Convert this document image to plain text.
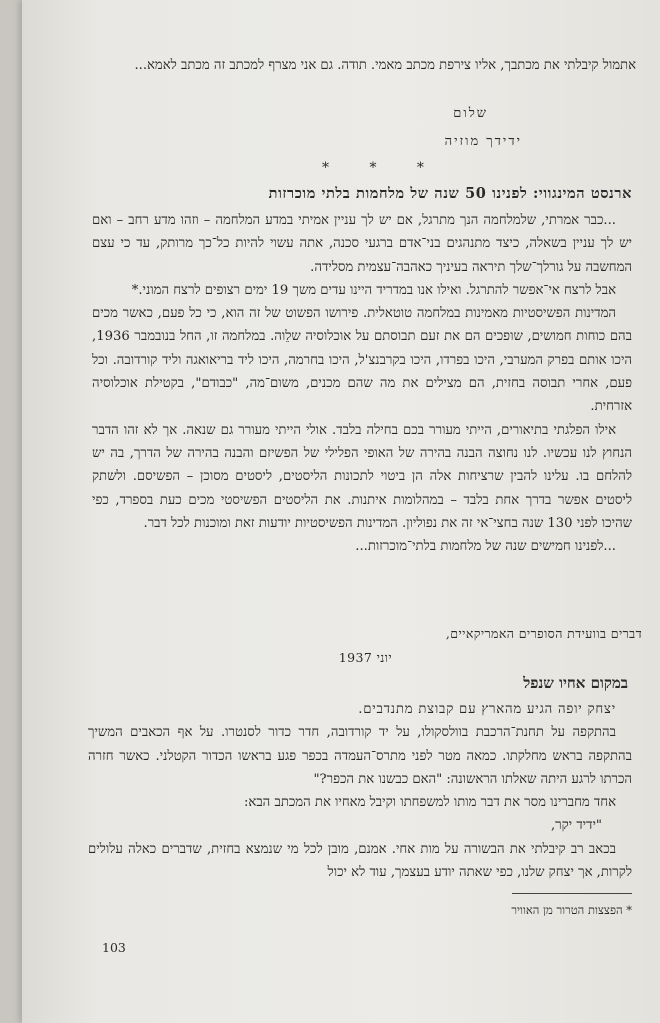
אתמול קיבלתי את מכתבך, אליו צירפת מכתב מאמי. תודה. גם אני מצרף למכתב זה מכתב לאמא...

שלום
ידידך מוזיה
* * *
ארנסט המינגווי: לפנינו 50 שנה של מלחמות בלתי מוכרזות

...כבר אמרתי, שלמלחמה הנך מתרגל, אם יש לך עניין אמיתי במדע המלחמה – וזהו מדע רחב – ואם יש לך עניין בשאלה, כיצד מתנהגים בני־אדם ברגעי סכנה, אתה עשוי להיות כל־כך מרותק, עד כי עצם המחשבה על גורלך־שלך תיראה בעיניך כאהבה־עצמית מסלידה.

אבל לרצח אי־אפשר להתרגל. ואילו אנו במדריד היינו עדים משך 19 ימים רצופים לרצח המוני.*

המדינות הפשיסטיות מאמינות במלחמה טוטאלית. פירושו הפשוט של זה הוא, כי כל פעם, כאשר מכים בהם כוחות חמושים, שופכים הם את זעם תבוסתם על אוכלוסיה שלֵוה. במלחמה זו, החל בנובמבר 1936, היכו אותם בפרק המערבי, היכו בפרדו, היכו בקרבנצ'ל, היכו בחרמה, היכו ליד בריאואגה וליד קורדובה. וכל פעם, אחרי תבוסה בחזית, הם מצילים את מה שהם מכנים, משום־מה, "כבודם", בקטילת אוכלוסיה אזרחית.

אילו הפלגתי בתיאורים, הייתי מעורר בכם בחילה בלבד. אולי הייתי מעורר גם שנאה. אך לא זהו הדבר הנחוץ לנו עכשיו. לנו נחוצה הבנה בהירה של האופי הפלילי של הפשיזם והבנה בהירה של הדרך, בה יש להלחם בו. עלינו להבין שרציחות אלה הן ביטוי לתכונות הליסטים, ליסטים מסוכן – הפשיסם. ולשתק ליסטים אפשר בדרך אחת בלבד – במהלומות איתנות. את הליסטים הפשיסטי מכים כעת בספרד, כפי שהיכו לפני 130 שנה בחצי־אי זה את נפוליון. המדינות הפשיסטיות יודעות זאת ומוכנות לכל דבר.

...לפנינו חמישים שנה של מלחמות בלתי־מוכרזות...

דברים בוועידת הסופרים האמריקאיים,
יוני 1937
במקום אחיו שנפל

יצחק יופה הגיע מהארץ עם קבוצת מתנדבים.

בהתקפה על תחנת־הרכבת בוולסקולו, על יד קורדובה, חדר כדור לסנטרו. על אף הכאבים המשיך בהתקפה בראש מחלקתו. כמאה מטר לפני מתרס־העמדה בכפר פגע בראשו הכדור הקטלני. כאשר חזרה הכרתו לרגע היתה שאלתו הראשונה: "האם כבשנו את הכפר?"

אחד מחברינו מסר את דבר מותו למשפחתו וקיבל מאחיו את המכתב הבא:

"ידיד יקר,

בכאב רב קיבלתי את הבשורה על מות אחי. אמנם, מובן לכל מי שנמצא בחזית, שדברים כאלה עלולים לקרות, אך יצחק שלנו, כפי שאתה יודע בעצמך, עוד לא יכול

* הפצצות הטרור מן האוויר
103
